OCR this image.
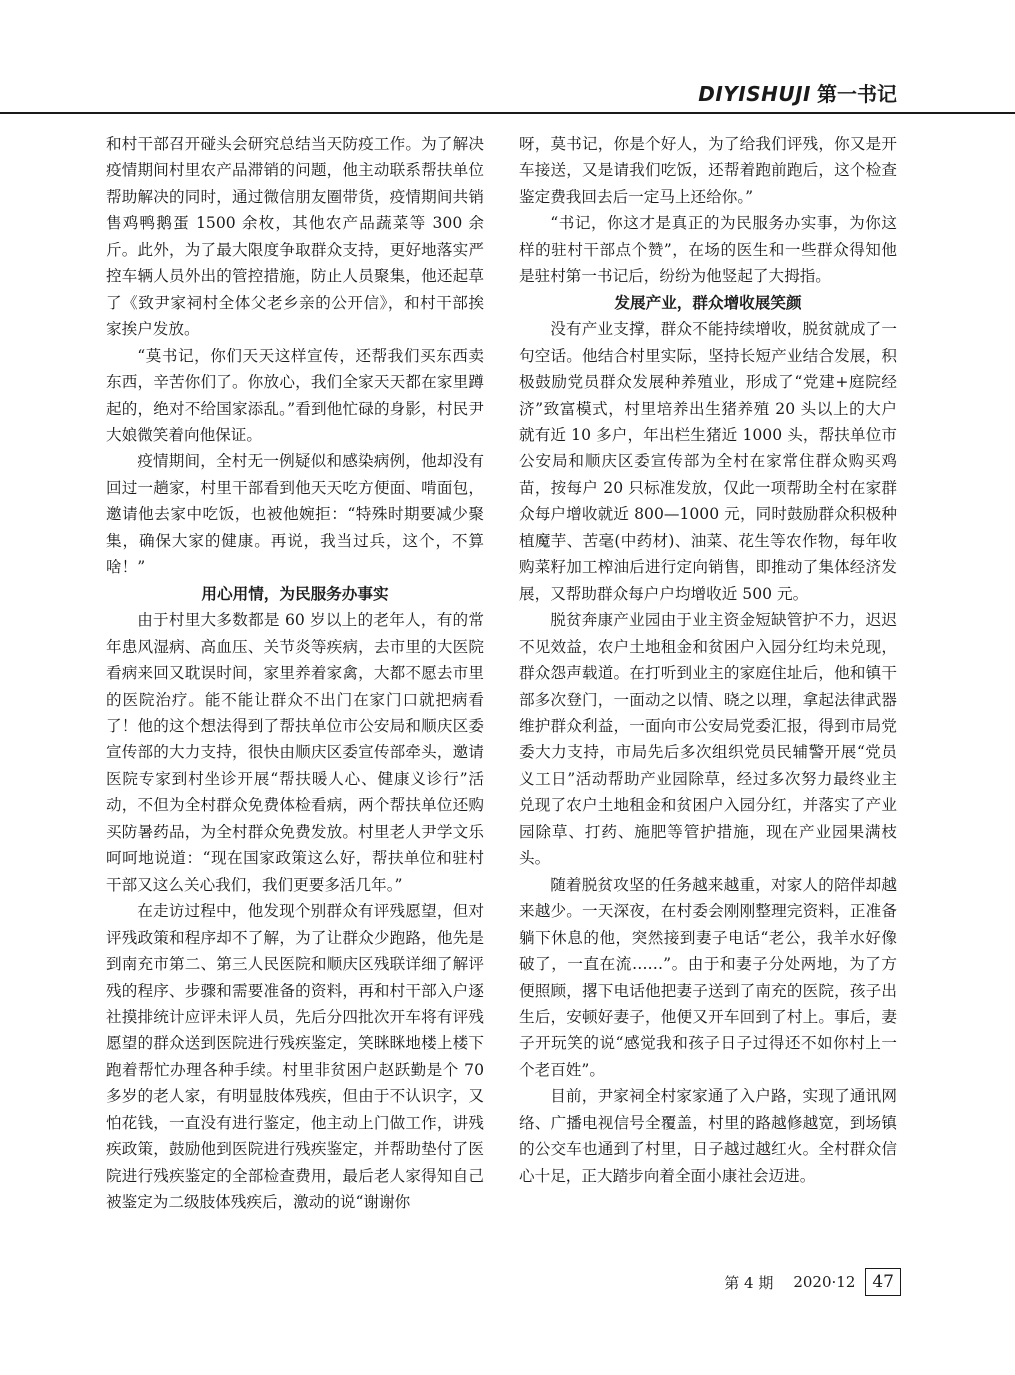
DIYISHUJI 第一书记

和村干部召开碰头会研究总结当天防疫工作。为了解决疫情期间村里农产品滞销的问题，他主动联系帮扶单位帮助解决的同时，通过微信朋友圈带货，疫情期间共销售鸡鸭鹅蛋 1500 余枚，其他农产品蔬菜等 300 余斤。此外，为了最大限度争取群众支持，更好地落实严控车辆人员外出的管控措施，防止人员聚集，他还起草了《致尹家祠村全体父老乡亲的公开信》，和村干部挨家挨户发放。

“莫书记，你们天天这样宣传，还帮我们买东西卖东西，辛苦你们了。你放心，我们全家天天都在家里蹲起的，绝对不给国家添乱。”看到他忙碌的身影，村民尹大娘微笑着向他保证。

疫情期间，全村无一例疑似和感染病例，他却没有回过一趟家，村里干部看到他天天吃方便面、啃面包，邀请他去家中吃饭，也被他婉拒：“特殊时期要减少聚集，确保大家的健康。再说，我当过兵，这个，不算啥！”

用心用情，为民服务办事实

由于村里大多数都是 60 岁以上的老年人，有的常年患风湿病、高血压、关节炎等疾病，去市里的大医院看病来回又耽误时间，家里养着家禽，大都不愿去市里的医院治疗。能不能让群众不出门在家门口就把病看了！他的这个想法得到了帮扶单位市公安局和顺庆区委宣传部的大力支持，很快由顺庆区委宣传部牵头，邀请医院专家到村坐诊开展“帮扶暖人心、健康义诊行”活动，不但为全村群众免费体检看病，两个帮扶单位还购买防暑药品，为全村群众免费发放。村里老人尹学文乐呵呵地说道：“现在国家政策这么好，帮扶单位和驻村干部又这么关心我们，我们更要多活几年。”

在走访过程中，他发现个别群众有评残愿望，但对评残政策和程序却不了解，为了让群众少跑路，他先是到南充市第二、第三人民医院和顺庆区残联详细了解评残的程序、步骤和需要准备的资料，再和村干部入户逐社摸排统计应评未评人员，先后分四批次开车将有评残愿望的群众送到医院进行残疾鉴定，笑眯眯地楼上楼下跑着帮忙办理各种手续。村里非贫困户赵跃勤是个 70 多岁的老人家，有明显肢体残疾，但由于不认识字，又怕花钱，一直没有进行鉴定，他主动上门做工作，讲残疾政策，鼓励他到医院进行残疾鉴定，并帮助垫付了医院进行残疾鉴定的全部检查费用，最后老人家得知自己被鉴定为二级肢体残疾后，激动的说“谢谢你

呀，莫书记，你是个好人，为了给我们评残，你又是开车接送，又是请我们吃饭，还帮着跑前跑后，这个检查鉴定费我回去后一定马上还给你。”

“书记，你这才是真正的为民服务办实事，为你这样的驻村干部点个赞”，在场的医生和一些群众得知他是驻村第一书记后，纷纷为他竖起了大拇指。

发展产业，群众增收展笑颜

没有产业支撑，群众不能持续增收，脱贫就成了一句空话。他结合村里实际，坚持长短产业结合发展，积极鼓励党员群众发展种养殖业，形成了“党建+庭院经济”致富模式，村里培养出生猪养殖 20 头以上的大户就有近 10 多户，年出栏生猪近 1000 头，帮扶单位市公安局和顺庆区委宣传部为全村在家常住群众购买鸡苗，按每户 20 只标准发放，仅此一项帮助全村在家群众每户增收就近 800—1000 元，同时鼓励群众积极种植魔芋、苦毫(中药材)、油菜、花生等农作物，每年收购菜籽加工榨油后进行定向销售，即推动了集体经济发展，又帮助群众每户户均增收近 500 元。

脱贫奔康产业园由于业主资金短缺管护不力，迟迟不见效益，农户土地租金和贫困户入园分红均未兑现，群众怨声载道。在打听到业主的家庭住址后，他和镇干部多次登门，一面动之以情、晓之以理，拿起法律武器维护群众利益，一面向市公安局党委汇报，得到市局党委大力支持，市局先后多次组织党员民辅警开展“党员义工日”活动帮助产业园除草，经过多次努力最终业主兑现了农户土地租金和贫困户入园分红，并落实了产业园除草、打药、施肥等管护措施，现在产业园果满枝头。

随着脱贫攻坚的任务越来越重，对家人的陪伴却越来越少。一天深夜，在村委会刚刚整理完资料，正准备躺下休息的他，突然接到妻子电话“老公，我羊水好像破了，一直在流……”。由于和妻子分处两地，为了方便照顾，撂下电话他把妻子送到了南充的医院，孩子出生后，安顿好妻子，他便又开车回到了村上。事后，妻子开玩笑的说“感觉我和孩子日子过得还不如你村上一个老百姓”。

目前，尹家祠全村家家通了入户路，实现了通讯网络、广播电视信号全覆盖，村里的路越修越宽，到场镇的公交车也通到了村里，日子越过越红火。全村群众信心十足，正大踏步向着全面小康社会迈进。

第 4 期 2020·12	47
